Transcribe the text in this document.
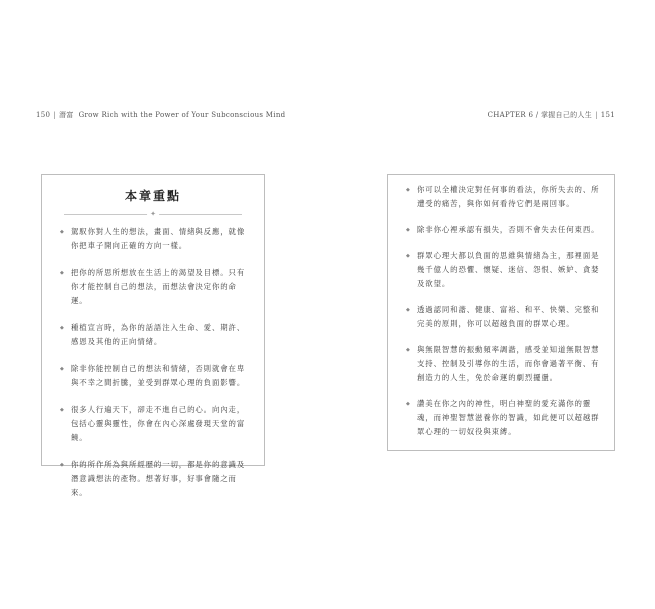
150 | 潛富 Grow Rich with the Power of Your Subconscious Mind	CHAPTER 6 / 掌握自己的人生 | 151
本章重點
✦
◆ 駕馭你對人生的想法，畫面、情緒與反應，就像你把車子開向正確的方向一樣。
◆ 把你的所思所想放在生活上的渴望及目標。只有你才能控制自己的想法，而想法會決定你的命運。
◆ 種植宣言時，為你的話語注入生命、愛、期許、感恩及其他的正向情緒。
◆ 除非你能控制自己的想法和情緒，否則就會在卑與不幸之間折騰，並受到群眾心理的負面影響。
◆ 很多人行遍天下，卻走不進自己的心。向內走，包括心靈與靈性，你會在內心深處發現天堂的富饒。
◆ 你的所作所為與所經歷的一切，都是你的意識及潛意識想法的產物。想著好事，好事會隨之而來。
◆ 你可以全權決定對任何事的看法，你所失去的、所遭受的痛苦，與你如何看待它們是兩回事。
◆ 除非你心裡承認有損失，否則不會失去任何東西。
◆ 群眾心理大都以負面的思維與情緒為主，那裡面是幾千億人的恐懼、懷疑、迷信、怨恨、嫉妒、貪婪及欲望。
◆ 透過認同和諧、健康、富裕、和平、快樂、完整和完美的原則，你可以超越負面的群眾心理。
◆ 與無限智慧的振動頻率調諧，感受並知道無限智慧支持、控制及引導你的生活，而你會過著平衡、有創造力的人生，免於命運的劇烈擺盪。
◆ 讚美在你之內的神性，明白神聖的愛充滿你的靈魂，而神聖智慧滋養你的智識，如此便可以超越群眾心理的一切奴役與束縛。
